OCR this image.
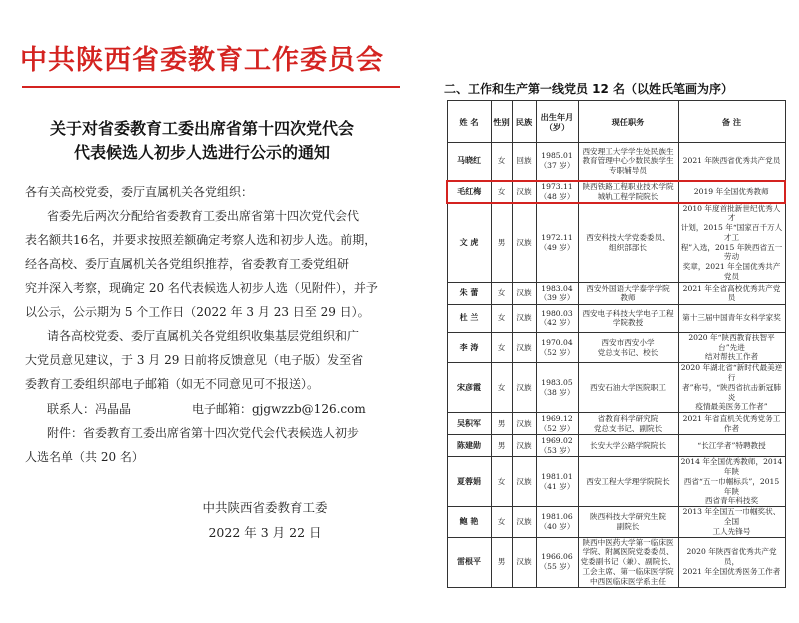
中共陕西省委教育工作委员会
关于对省委教育工委出席省第十四次党代会
代表候选人初步人选进行公示的通知
各有关高校党委，委厅直属机关各党组织：
省委先后两次分配给省委教育工委出席省第十四次党代会代
表名额共16名，并要求按照差额确定考察人选和初步人选。前期，
经各高校、委厅直属机关各党组织推荐，省委教育工委党组研
究并深入考察，现确定 20 名代表候选人初步人选（见附件），并予
以公示，公示期为 5 个工作日（2022 年 3 月 23 日至 29 日）。
请各高校党委、委厅直属机关各党组织收集基层党组织和广
大党员意见建议，于 3 月 29 日前将反馈意见（电子版）发至省
委教育工委组织部电子邮箱（如无不同意见可不报送）。
联系人：冯晶晶	电子邮箱：gjgwzzb@126.com
附件：省委教育工委出席省第十四次党代会代表候选人初步
人选名单（共 20 名）
中共陕西省委教育工委
2022 年 3 月 22 日
二、工作和生产第一线党员 12 名（以姓氏笔画为序）
姓 名	性别	民族	出生年月
（岁）	现任职务	备 注
马晓红	女	回族	1985.01
（37 岁）	西安理工大学学生处民族生
教育管理中心少数民族学生
专职辅导员	2021 年陕西省优秀共产党员
毛红梅	女	汉族	1973.11
（48 岁）	陕西铁路工程职业技术学院
城轨工程学院院长	2019 年全国优秀教师
文 虎	男	汉族	1972.11
（49 岁）	西安科技大学党委委员、
组织部部长	2010 年度首批新世纪优秀人才
计划，2015 年“国家百千万人才工
程”入选，2015 年陕西省五一劳动
奖章，2021 年全国优秀共产党员
朱 蕾	女	汉族	1983.04
（39 岁）	西安外国语大学泰学学院
教师	2021 年全省高校优秀共产党员
杜 兰	女	汉族	1980.03
（42 岁）	西安电子科技大学电子工程
学院教授	第十三届中国青年女科学家奖
李 涛	女	汉族	1970.04
（52 岁）	西安市西安小学
党总支书记、校长	2020 年“陕西教育扶智平台”先进
结对帮扶工作者
宋彦霞	女	汉族	1983.05
（38 岁）	西安石油大学医院职工	2020 年湖北省“新时代最美逆行
者”称号，“陕西省抗击新冠肺炎
疫情最美医务工作者”
吴积军	男	汉族	1969.12
（52 岁）	省教育科学研究院
党总支书记、副院长	2021 年省直机关优秀党务工作者
陈建勋	男	汉族	1969.02
（53 岁）	长安大学公路学院院长	“长江学者”特聘教授
夏蓉娟	女	汉族	1981.01
（41 岁）	西安工程大学理学院院长	2014 年全国优秀教师，2014 年陕
西省“五一巾帼标兵”，2015 年陕
西省青年科技奖
鲍 艳	女	汉族	1981.06
（40 岁）	陕西科技大学研究生院
副院长	2013 年全国五一巾帼奖状、全国
工人先锋号
雷根平	男	汉族	1966.06
（55 岁）	陕西中医药大学第一临床医
学院、附属医院党委委员、
党委副书记（兼）、副院长、
工会主席、第一临床医学院
中西医临床医学系主任	2020 年陕西省优秀共产党员，
2021 年全国优秀医务工作者
